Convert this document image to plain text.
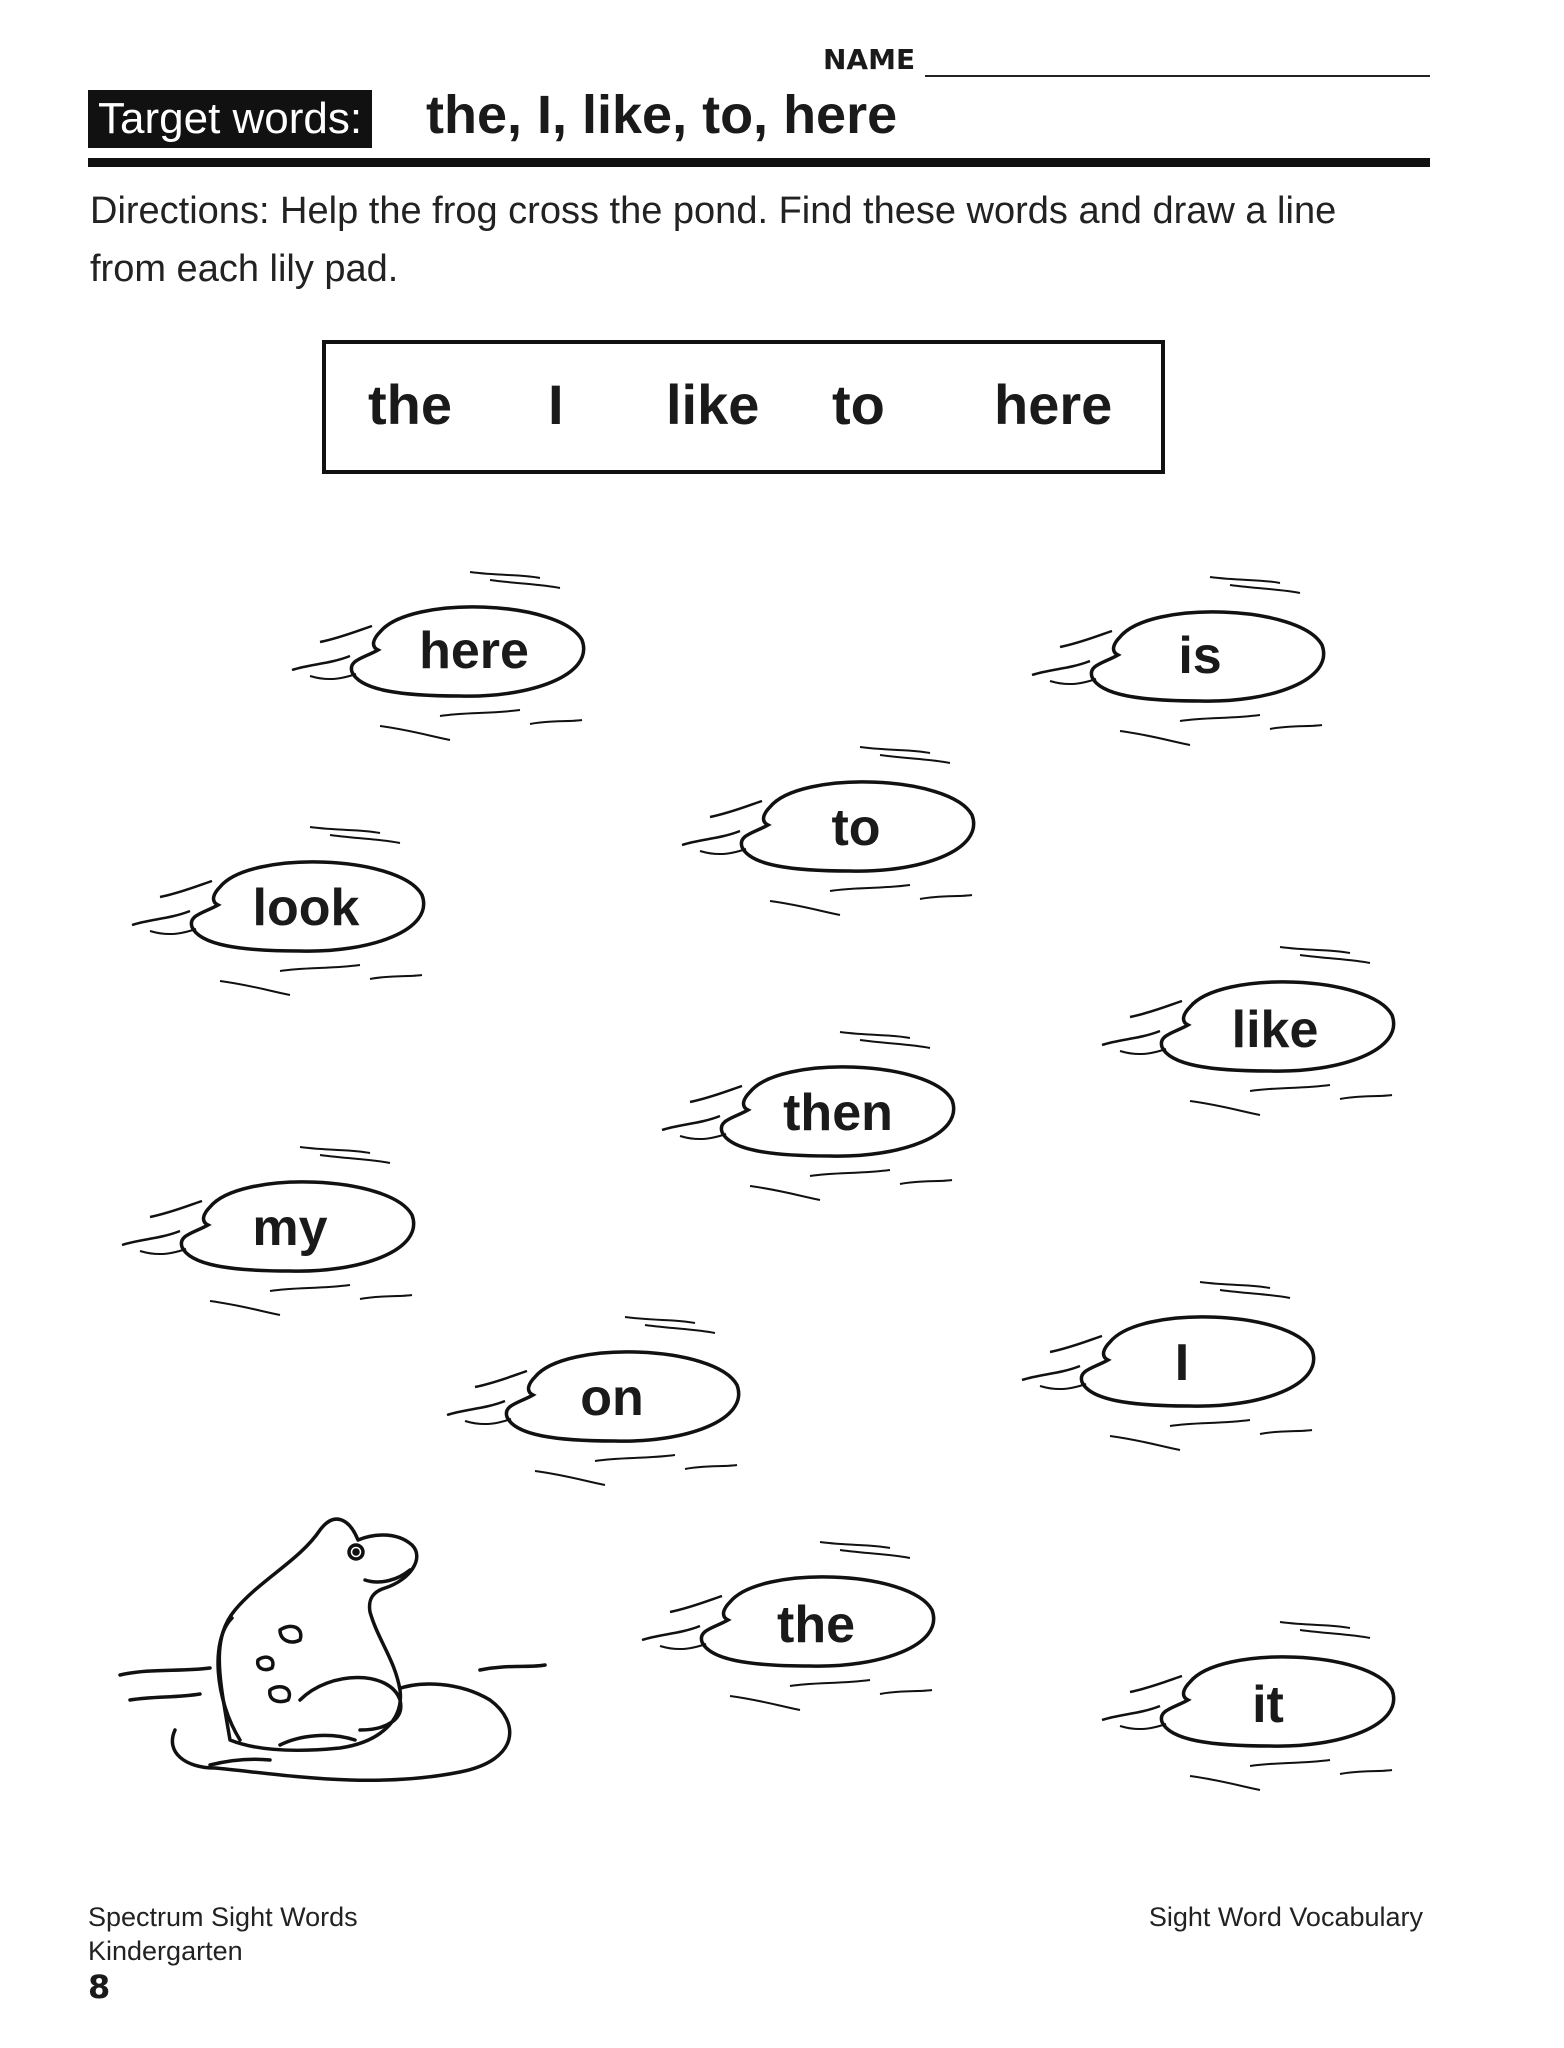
NAME
Target words: the, I, like, to, here
Directions: Help the frog cross the pond. Find these words and draw a line from each lily pad.
the I like to here
here	is
to
look
like
then
my
on
I
the
it
Spectrum Sight Words
Kindergarten
8
Sight Word Vocabulary
